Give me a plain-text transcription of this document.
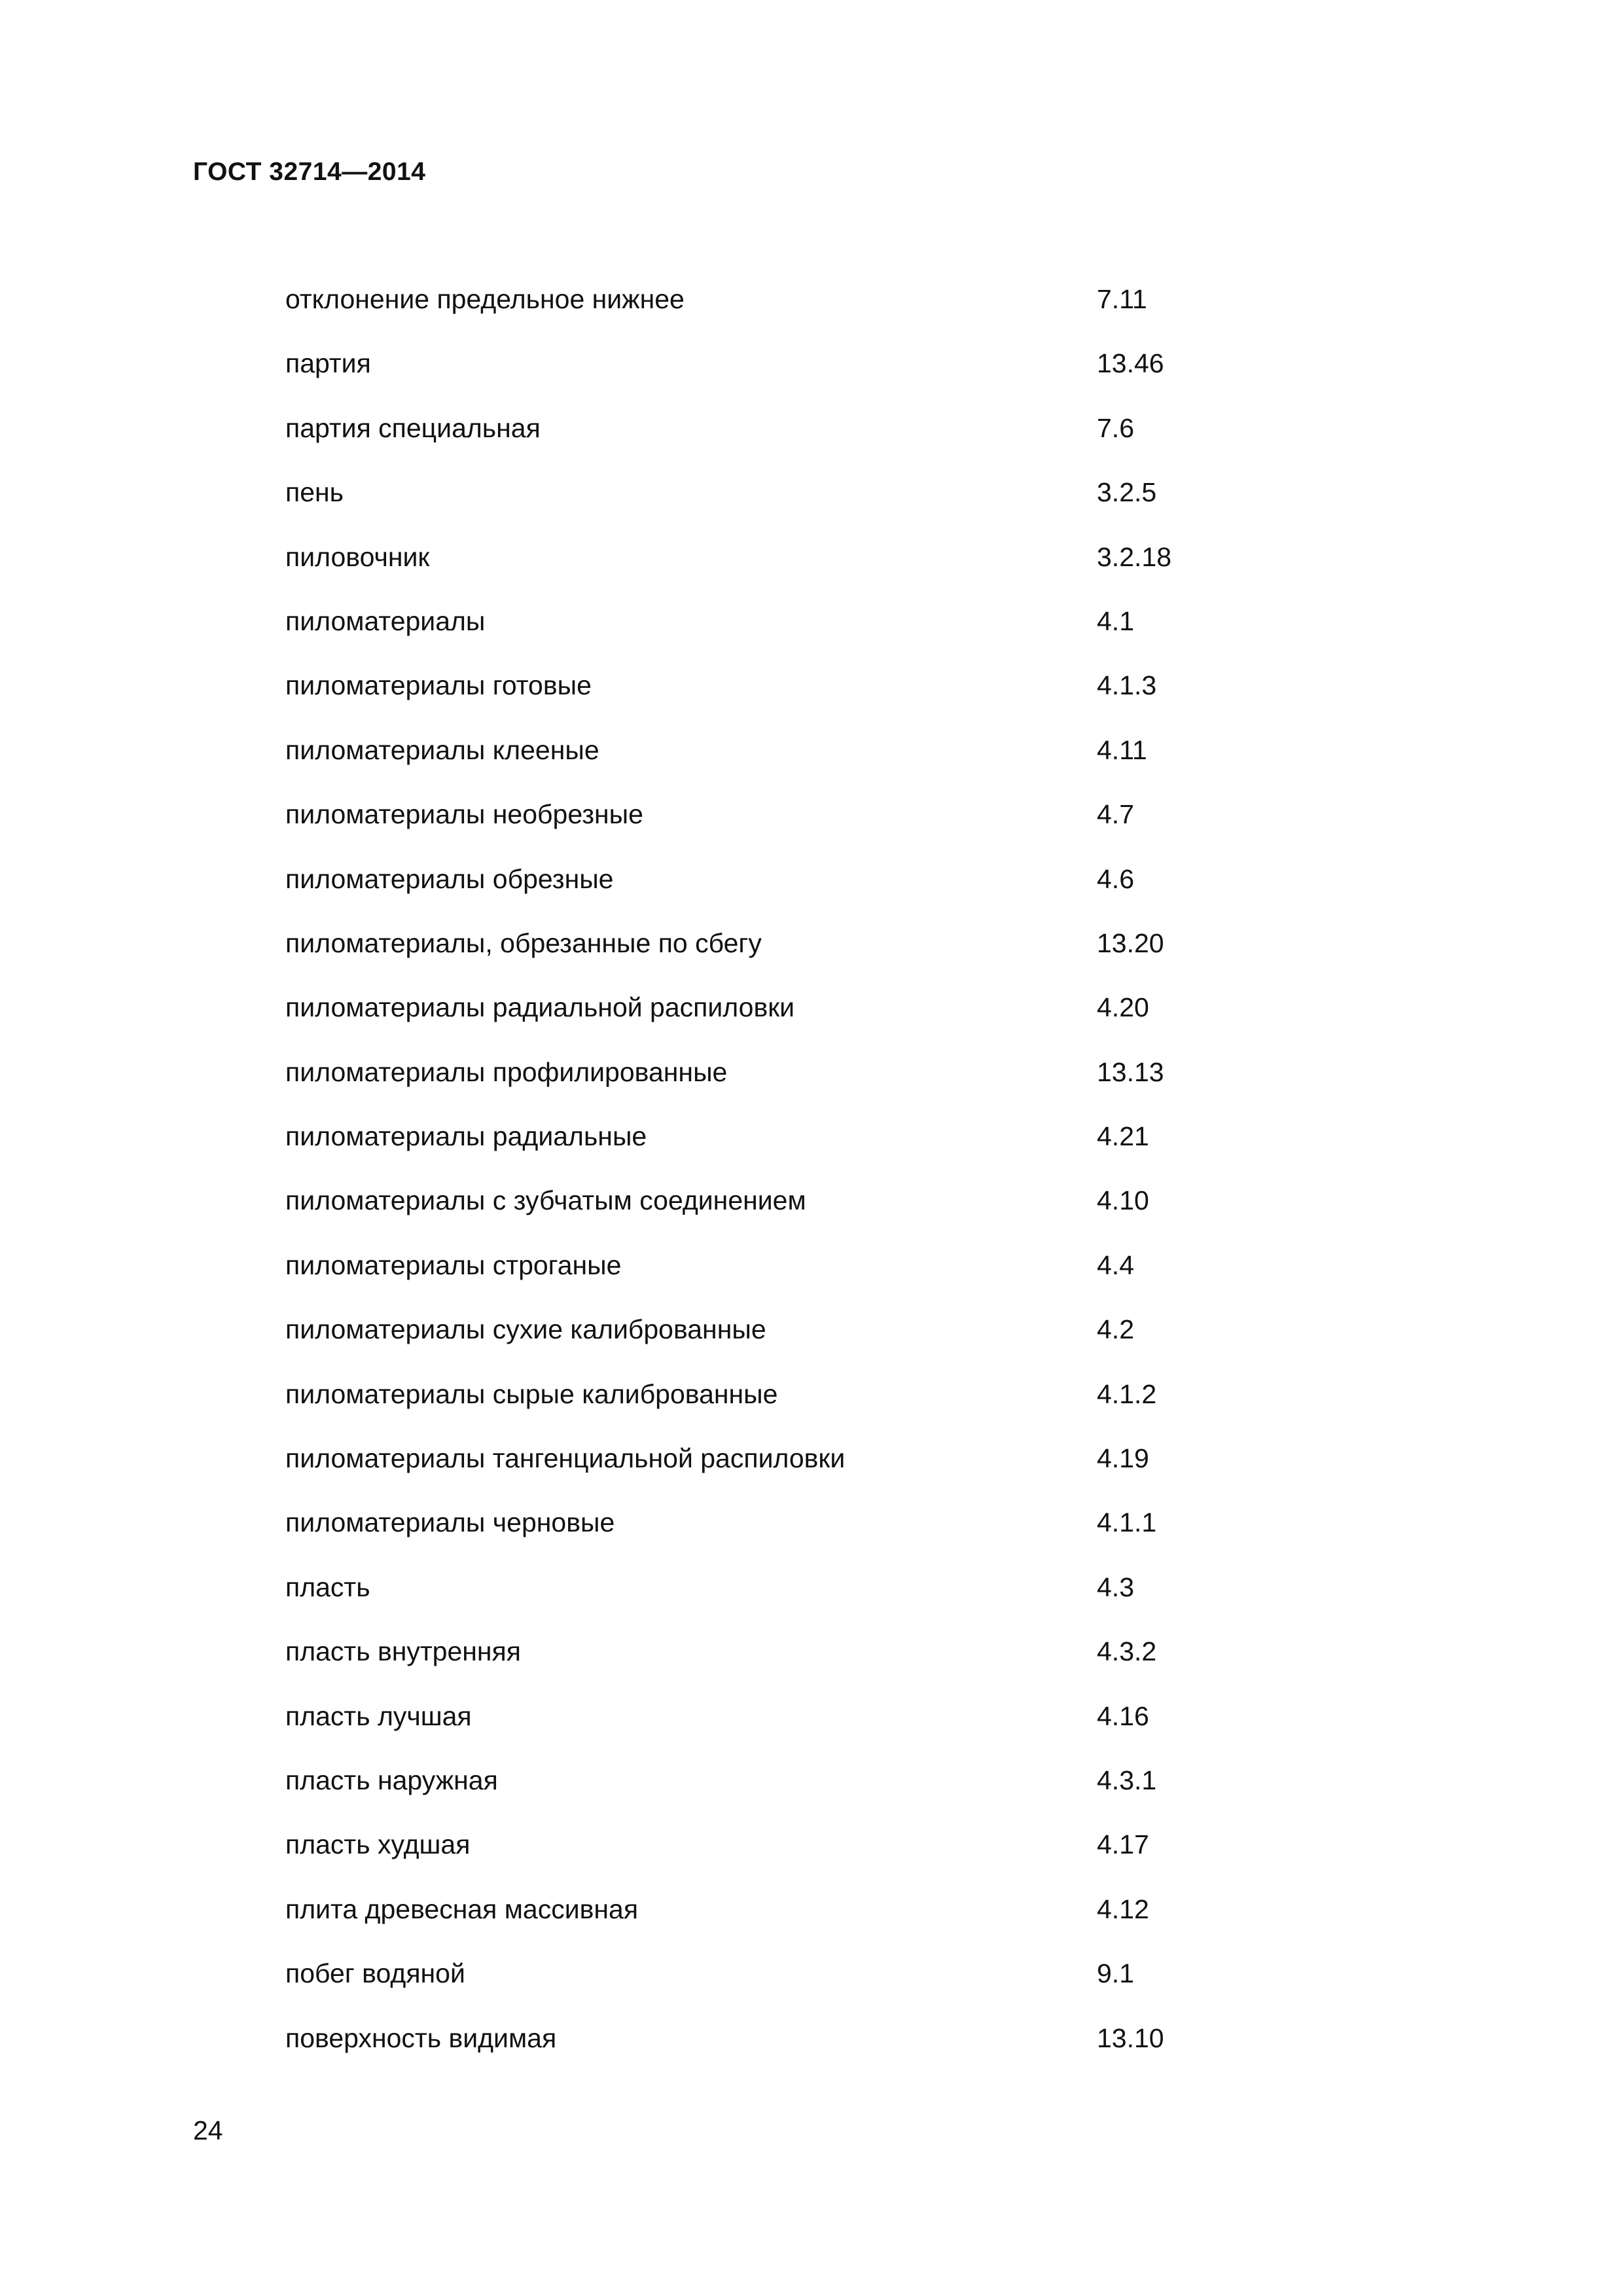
ГОСТ 32714—2014
отклонение предельное нижнее	7.11
партия	13.46
партия специальная	7.6
пень	3.2.5
пиловочник	3.2.18
пиломатериалы	4.1
пиломатериалы готовые	4.1.3
пиломатериалы клееные	4.11
пиломатериалы необрезные	4.7
пиломатериалы обрезные	4.6
пиломатериалы, обрезанные по сбегу	13.20
пиломатериалы радиальной распиловки	4.20
пиломатериалы профилированные	13.13
пиломатериалы радиальные	4.21
пиломатериалы с зубчатым соединением	4.10
пиломатериалы строганые	4.4
пиломатериалы сухие калиброванные	4.2
пиломатериалы сырые калиброванные	4.1.2
пиломатериалы тангенциальной распиловки	4.19
пиломатериалы черновые	4.1.1
пласть	4.3
пласть внутренняя	4.3.2
пласть лучшая	4.16
пласть наружная	4.3.1
пласть худшая	4.17
плита древесная массивная	4.12
побег водяной	9.1
поверхность видимая	13.10
24
